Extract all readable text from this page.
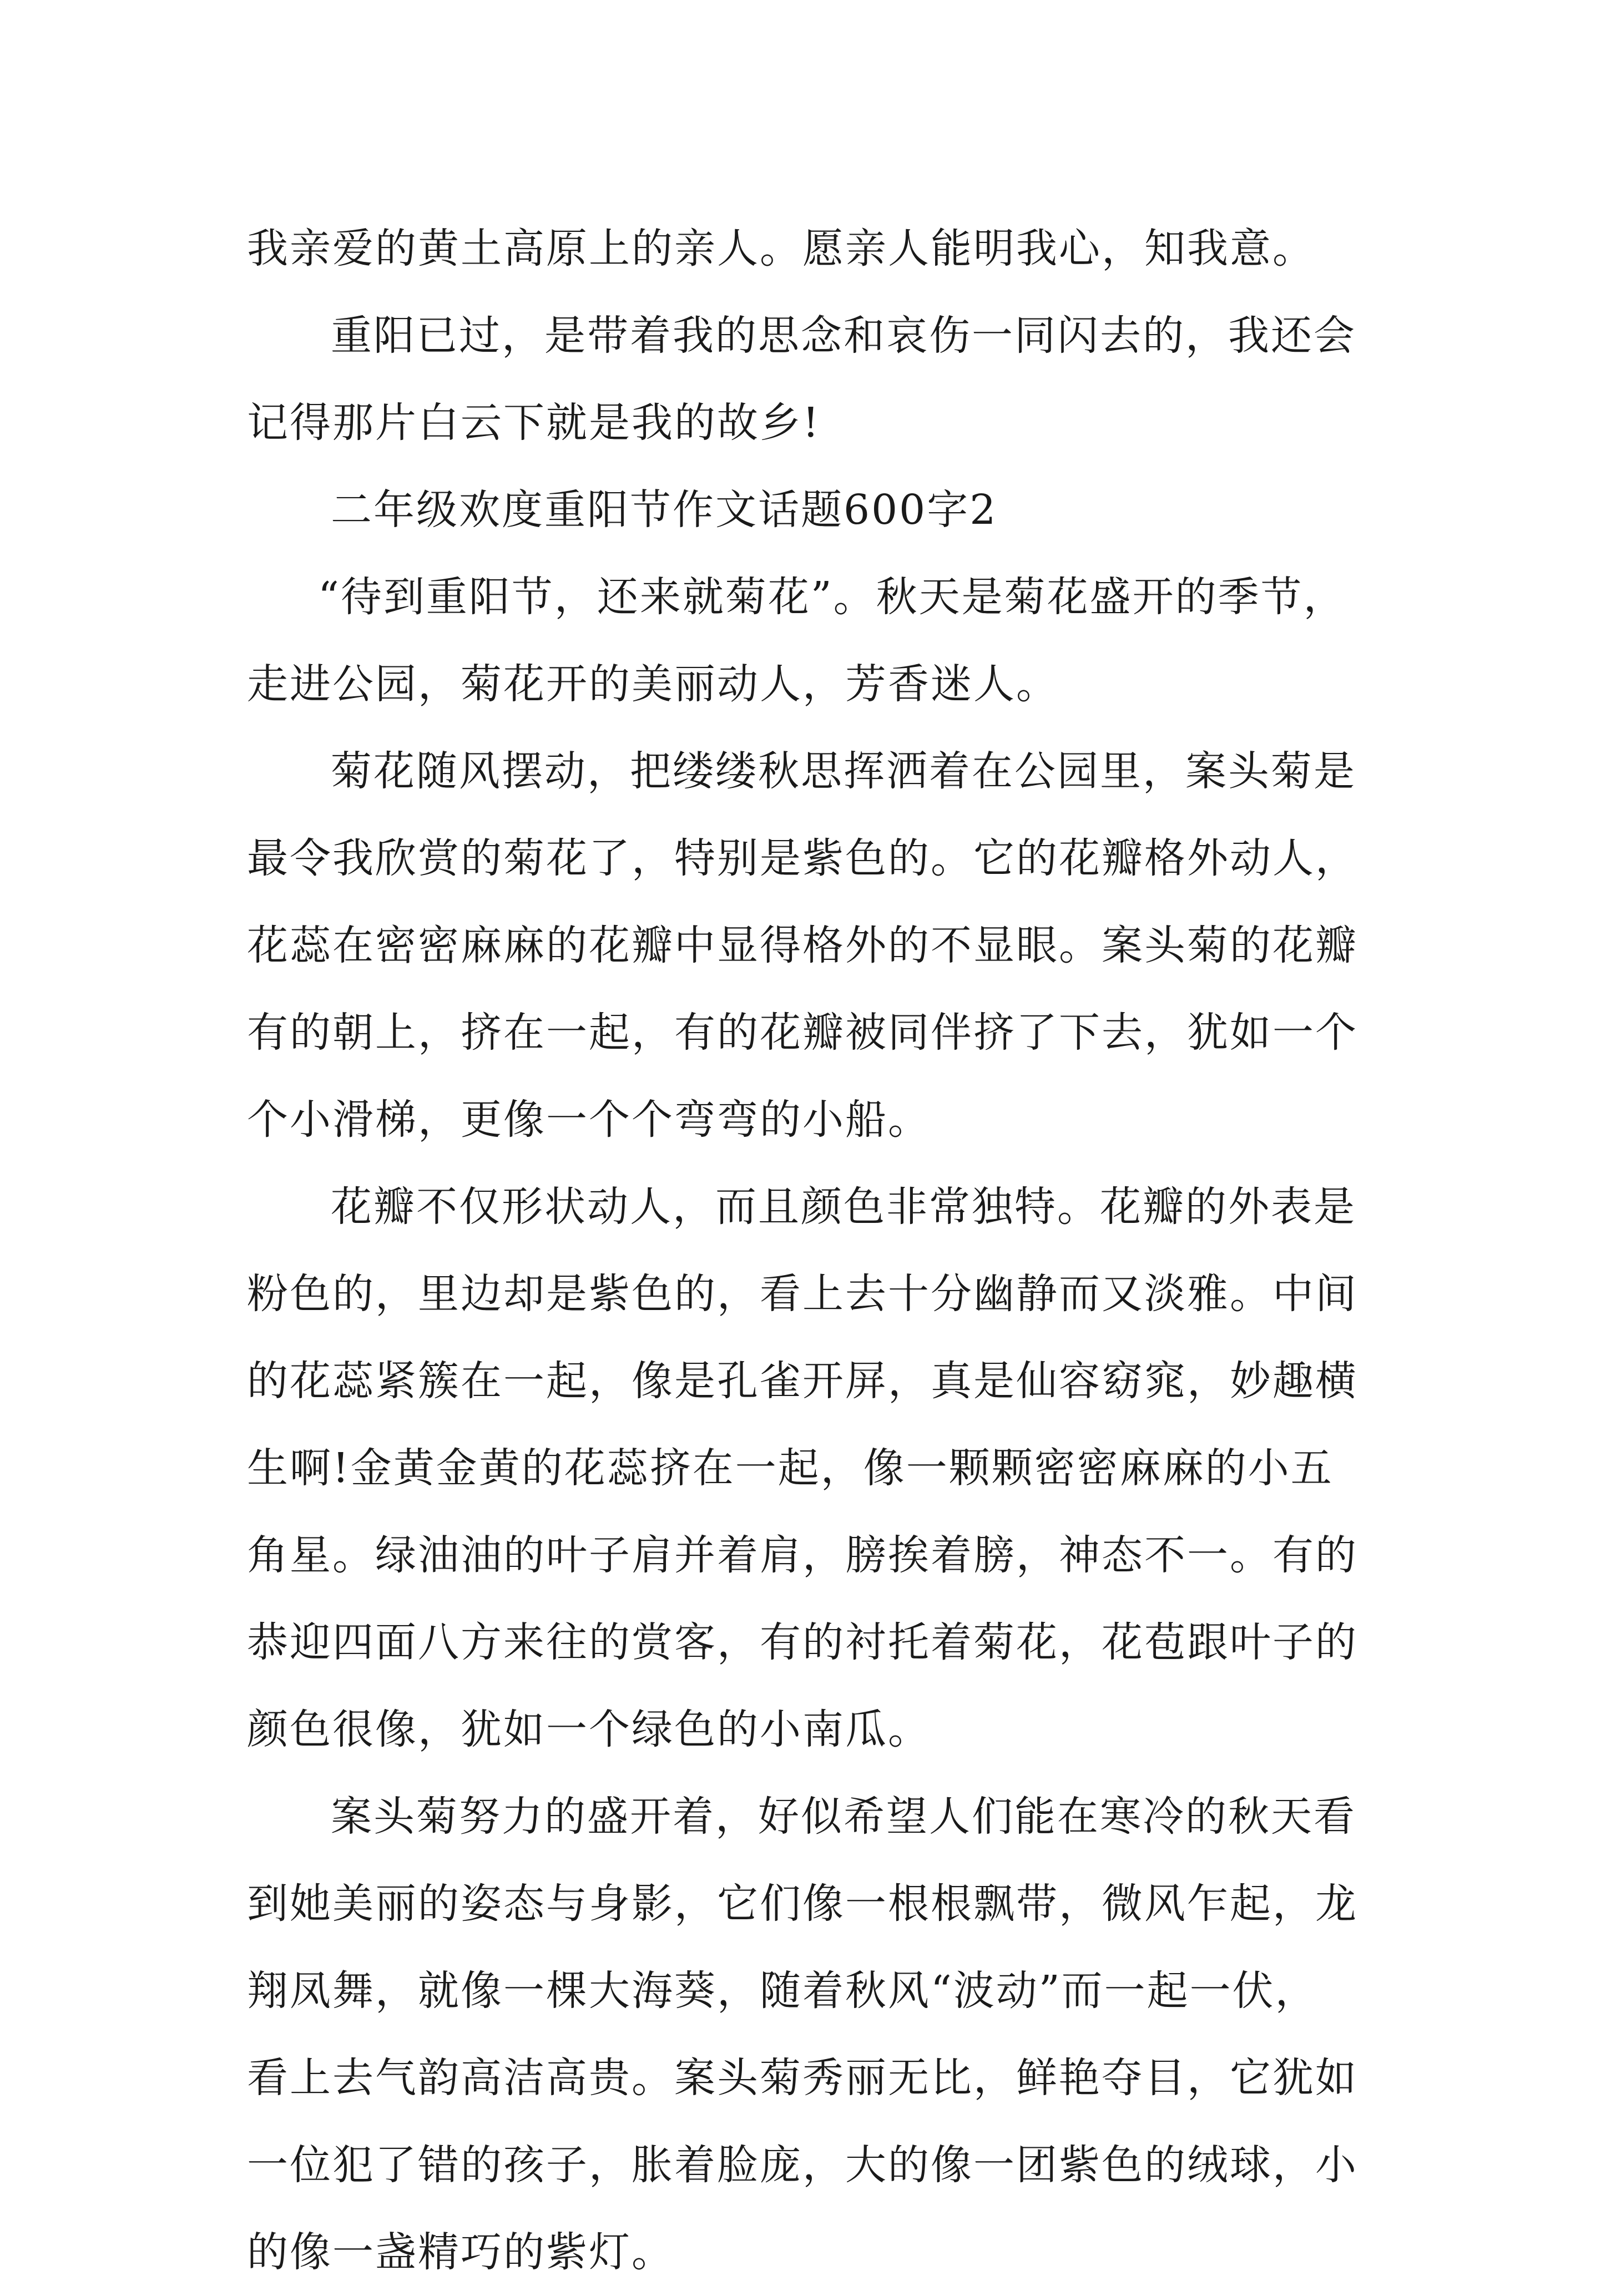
我亲爱的黄土高原上的亲人。愿亲人能明我心，知我意。
重阳已过，是带着我的思念和哀伤一同闪去的，我还会
记得那片白云下就是我的故乡!
二年级欢度重阳节作文话题600字2
“待到重阳节，还来就菊花”。秋天是菊花盛开的季节，
走进公园，菊花开的美丽动人，芳香迷人。
菊花随风摆动，把缕缕秋思挥洒着在公园里，案头菊是
最令我欣赏的菊花了，特别是紫色的。它的花瓣格外动人，
花蕊在密密麻麻的花瓣中显得格外的不显眼。案头菊的花瓣
有的朝上，挤在一起，有的花瓣被同伴挤了下去，犹如一个
个小滑梯，更像一个个弯弯的小船。
花瓣不仅形状动人，而且颜色非常独特。花瓣的外表是
粉色的，里边却是紫色的，看上去十分幽静而又淡雅。中间
的花蕊紧簇在一起，像是孔雀开屏，真是仙容窈窕，妙趣横
生啊!金黄金黄的花蕊挤在一起，像一颗颗密密麻麻的小五
角星。绿油油的叶子肩并着肩，膀挨着膀，神态不一。有的
恭迎四面八方来往的赏客，有的衬托着菊花，花苞跟叶子的
颜色很像，犹如一个绿色的小南瓜。
案头菊努力的盛开着，好似希望人们能在寒冷的秋天看
到她美丽的姿态与身影，它们像一根根飘带，微风乍起，龙
翔凤舞，就像一棵大海葵，随着秋风“波动”而一起一伏，
看上去气韵高洁高贵。案头菊秀丽无比，鲜艳夺目，它犹如
一位犯了错的孩子，胀着脸庞，大的像一团紫色的绒球，小
的像一盏精巧的紫灯。
